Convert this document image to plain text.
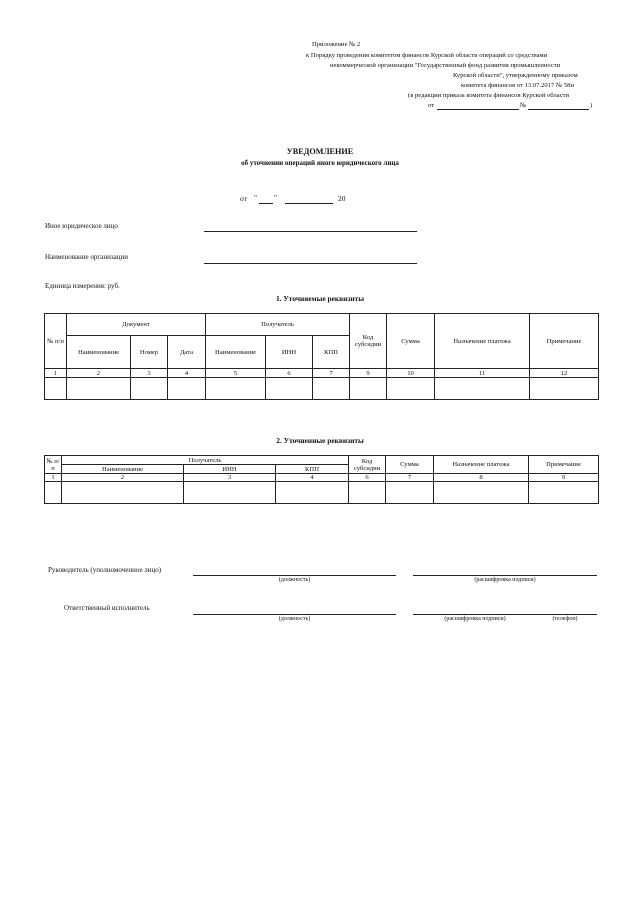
Приложение № 2
к Порядку проведения комитетом финансов Курской области операций со средствами
некоммерческой организации "Государственный фонд развития промышленности
Курской области", утвержденному приказом
комитета финансов от 13.07.2017 № 58н
(в редакции приказа комитета финансов Курской области
от	№	)
УВЕДОМЛЕНИЕ
об уточнении операций иного юридического лица
от " "	20
Иное юридическое лицо
Наименование организации
Единица измерения: руб.
1. Уточняемые реквизиты
№ п/п	Документ			Получатель			Код субсидии	Сумма	Назначение платежа	Примечание
	Наименование	Номер	Дата	Наименование	ИНН	КПП				
1	2	3	4	5	6	7	9	10	11	12

2. Уточненные реквизиты
№ п/п	Получатель			Код субсидии	Сумма	Назначение платежа	Примечание
	Наименование	ИНН	КПП				
1	2	3	4	6	7	8	9

Руководитель (уполномоченное лицо)
(должность)	(расшифровка подписи)
Ответственный исполнитель
(должность)	(расшифровка подписи)	(телефон)
